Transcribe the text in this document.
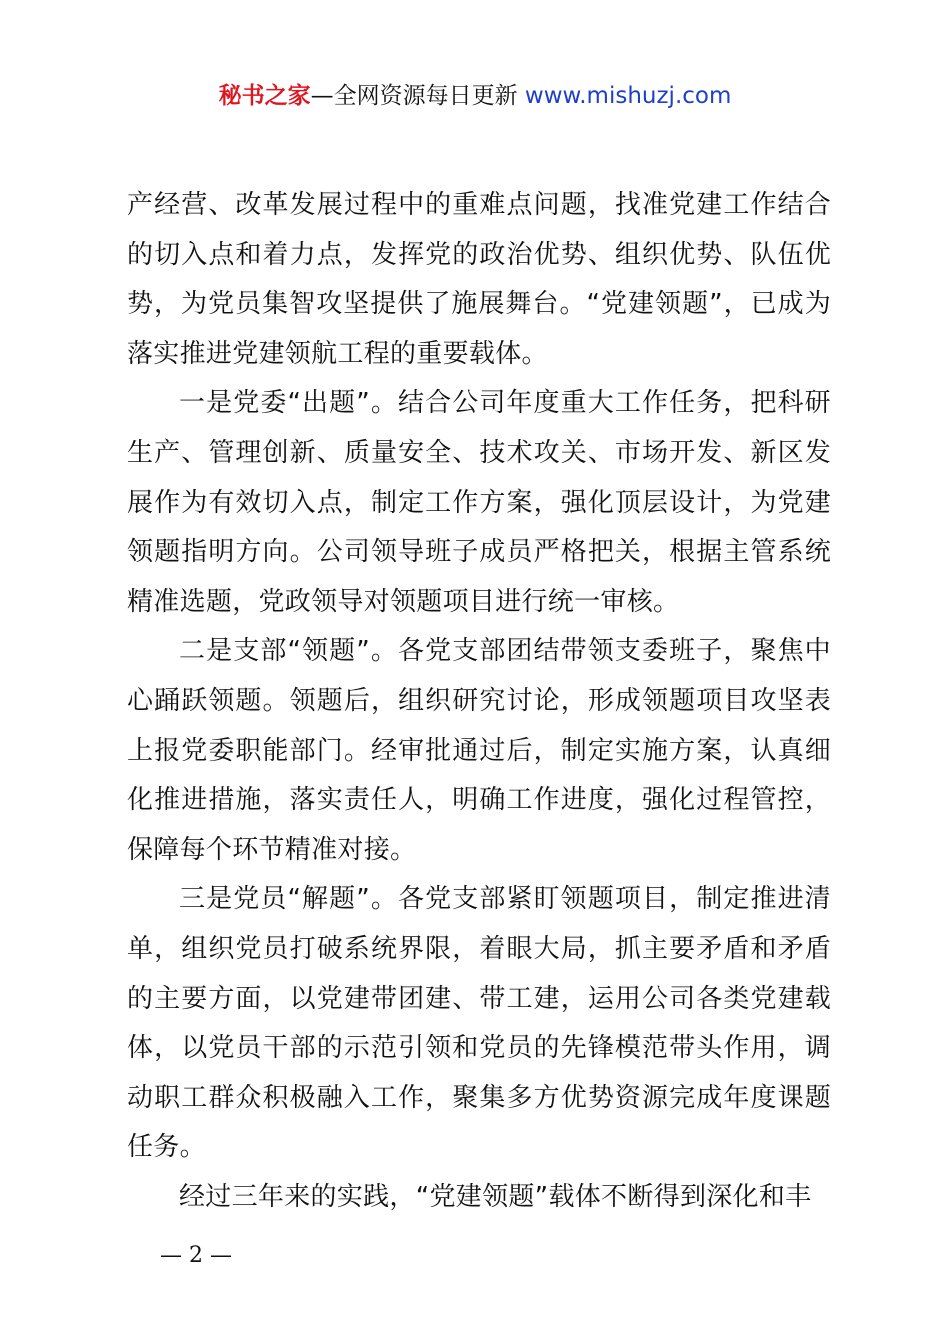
秘书之家—全网资源每日更新 www.mishuzj.com

产经营、改革发展过程中的重难点问题，找准党建工作结合的切入点和着力点，发挥党的政治优势、组织优势、队伍优势，为党员集智攻坚提供了施展舞台。“党建领题”，已成为落实推进党建领航工程的重要载体。

一是党委“出题”。结合公司年度重大工作任务，把科研生产、管理创新、质量安全、技术攻关、市场开发、新区发展作为有效切入点，制定工作方案，强化顶层设计，为党建领题指明方向。公司领导班子成员严格把关，根据主管系统精准选题，党政领导对领题项目进行统一审核。

二是支部“领题”。各党支部团结带领支委班子，聚焦中心踊跃领题。领题后，组织研究讨论，形成领题项目攻坚表上报党委职能部门。经审批通过后，制定实施方案，认真细化推进措施，落实责任人，明确工作进度，强化过程管控，保障每个环节精准对接。

三是党员“解题”。各党支部紧盯领题项目，制定推进清单，组织党员打破系统界限，着眼大局，抓主要矛盾和矛盾的主要方面，以党建带团建、带工建，运用公司各类党建载体，以党员干部的示范引领和党员的先锋模范带头作用，调动职工群众积极融入工作，聚集多方优势资源完成年度课题任务。

经过三年来的实践，“党建领题”载体不断得到深化和丰

— 2 —
